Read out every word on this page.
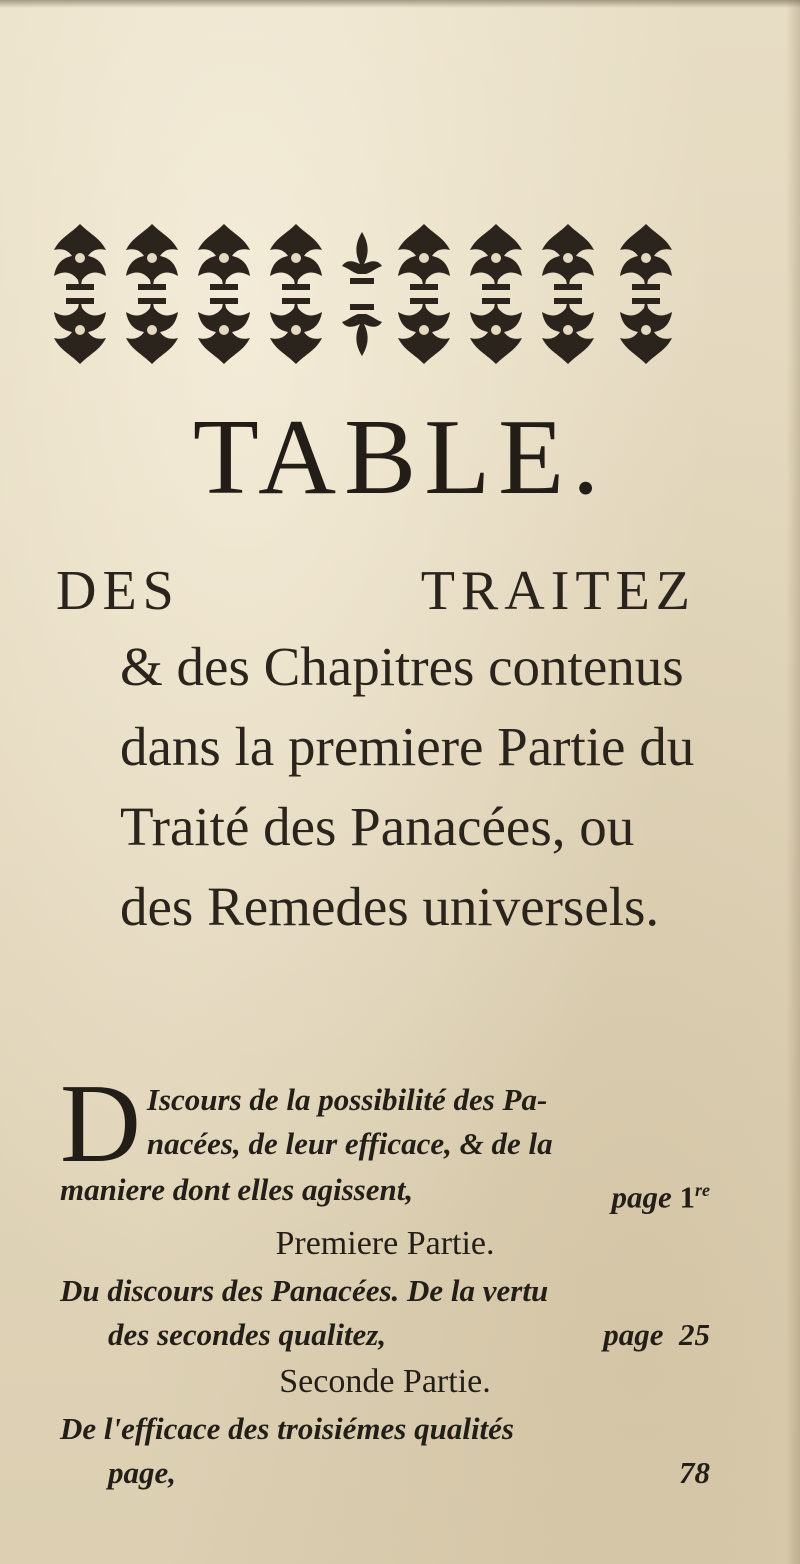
TABLE.
DES TRAITEZ
& des Chapitres contenus dans la premiere Partie du Traité des Panacées, ou des Remedes universels.
D Iscours de la possibilité des Pa-
nacées, de leur efficace, & de la
maniere dont elles agissent,	page 1re
Premiere Partie.
Du discours des Panacées. De la vertu
des secondes qualitez,	page 25
Seconde Partie.
De l'efficace des troisiémes qualités
page,	78
